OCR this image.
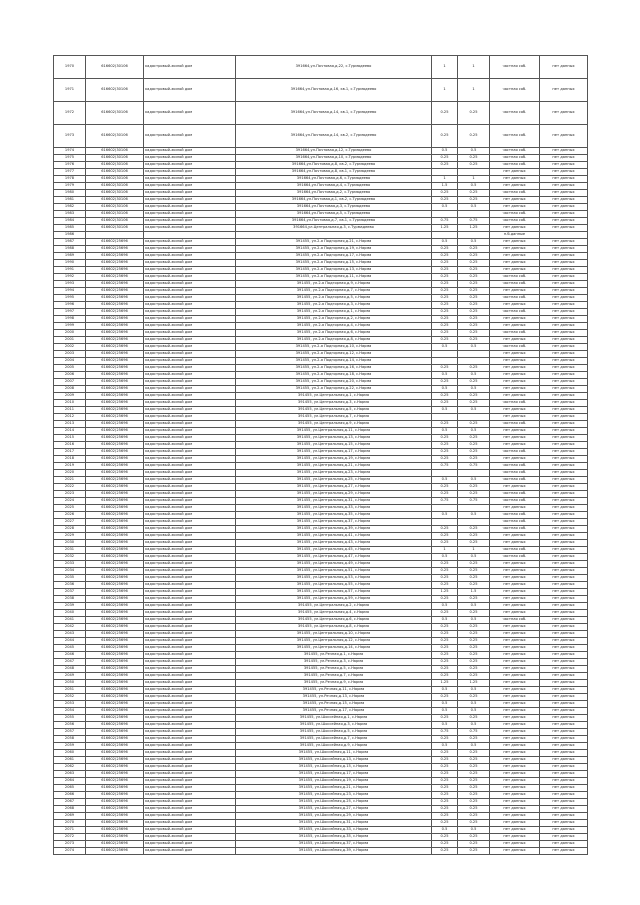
1970	616602(30106	кадастровый-жилой дом	391664,ул.Почтовая,д.22, с.Турмадеево	1	1	частная соб.	нет данных
1971	616602(30106	кадастровый-жилой дом	391664,ул.Почтовая,д.16, кв.1, с.Турмадеево	1	1	частная соб.	нет данных
1972	616602(30106	кадастровый-жилой дом	391664,ул.Почтовая,д.14, кв.1, с.Турмадеево	0.25	0.25	частная соб.	нет данных
1973	616602(30106	кадастровый-жилой дом	391664,ул.Почтовая,д.14, кв.2, с.Турмадеево	0.25	0.25	частная соб.	нет данных
1974	616602(30106	кадастровый-жилой дом	391664,ул.Почтовая,д.12, с.Турмадеево	0.5	0.5	частная соб.	нет данных
1975	616602(30106	кадастровый-жилой дом	391664,ул.Почтовая,д.10, с.Турмадеево	0.25	0.25	частная соб.	нет данных
1976	616602(30106	кадастровый-жилой дом	391664,ул.Почтовая,д.8, кв.2, с.Турмадеево	0.25	0.25	частная соб.	нет данных
1977	616602(30106	кадастровый-жилой дом	391664,ул.Почтовая,д.8, кв.1, с.Турмадеево			нет данных	нет данных
1978	616602(30106	кадастровый-жилой дом	391664,ул.Почтовая,д.6, с.Турмадеево	1	1	нет данных	нет данных
1979	616602(30106	кадастровый-жилой дом	391664,ул.Почтовая,д.4, с.Турмадеево	1.5	0.5	нет данных	нет данных
1980	616602(30106	кадастровый-жилой дом	391664,ул.Почтовая,д.2, с.Турмадеево	0.25	0.25	частная соб.	нет данных
1981	616602(30106	кадастровый-жилой дом	391664,ул.Почтовая,д.1, кв.2, с.Турмадеево	0.25	0.25	нет данных	нет данных
1982	616602(30106	кадастровый-жилой дом	391664,ул.Почтовая,д.3, с.Турмадеево	0.5	0.5	нет данных	нет данных
1983	616602(30106	кадастровый-жилой дом	391664,ул.Почтовая,д.5, с.Турмадеево			частная соб.	нет данных
1984	616602(30106	кадастровый-жилой дом	391664,ул.Почтовая,д.7, кв.1, с.Турмадеево	0.75	0.75	частная соб.	нет данных
1985	616602(30106	кадастровый-жилой дом	391664,ул.Центральная,д.3, с.Турмадеево	1.25	1.25	нет данных	нет данных
1986						н.б.данные	
1987	616602(25696	кадастровый-жилой дом	391455, ул.2-я Подгорная,д.21, с.Нарма	0.5	0.5	нет данных	нет данных
1988	616602(25696	кадастровый-жилой дом	391455, ул.2-я Подгорная,д.19, с.Нарма	0.25	0.25	нет данных	нет данных
1989	616602(25696	кадастровый-жилой дом	391455, ул.2-я Подгорная,д.17, с.Нарма	0.25	0.25	нет данных	нет данных
1990	616602(25696	кадастровый-жилой дом	391455, ул.2-я Подгорная,д.15, с.Нарма	0.25	0.25	нет данных	нет данных
1991	616602(25696	кадастровый-жилой дом	391455, ул.2-я Подгорная,д.13, с.Нарма	0.25	0.25	нет данных	нет данных
1992	616602(25696	кадастровый-жилой дом	391455, ул.2-я Подгорная,д.11, с.Нарма	0.25	0.25	частная соб.	нет данных
1993	616602(25696	кадастровый-жилой дом	391455, ул.2-я Подгорная,д.9, с.Нарма	0.25	0.25	частная соб.	нет данных
1994	616602(25696	кадастровый-жилой дом	391455, ул.2-я Подгорная,д.7, с.Нарма	0.25	0.25	нет данных	нет данных
1995	616602(25696	кадастровый-жилой дом	391455, ул.2-я Подгорная,д.5, с.Нарма	0.25	0.25	частная соб.	нет данных
1996	616602(25696	кадастровый-жилой дом	391455, ул.2-я Подгорная,д.3, с.Нарма	0.25	0.25	нет данных	нет данных
1997	616602(25696	кадастровый-жилой дом	391455, ул.2-я Подгорная,д.1, с.Нарма	0.25	0.25	частная соб.	нет данных
1998	616602(25696	кадастровый-жилой дом	391455, ул.2-я Подгорная,д.2, с.Нарма	0.25	0.25	нет данных	нет данных
1999	616602(25696	кадастровый-жилой дом	391455, ул.2-я Подгорная,д.4, с.Нарма	0.25	0.25	нет данных	нет данных
2000	616602(25696	кадастровый-жилой дом	391455, ул.2-я Подгорная,д.6, с.Нарма	0.25	0.25	частная соб.	нет данных
2001	616602(25696	кадастровый-жилой дом	391455, ул.2-я Подгорная,д.8, с.Нарма	0.25	0.25	нет данных	нет данных
2002	616602(25696	кадастровый-жилой дом	391455, ул.2-я Подгорная,д.10, с.Нарма	0.5	0.5	частная соб.	нет данных
2003	616602(25696	кадастровый-жилой дом	391455, ул.2-я Подгорная,д.12, с.Нарма			нет данных	нет данных
2004	616602(25696	кадастровый-жилой дом	391455, ул.2-я Подгорная,д.14, с.Нарма			нет данных	нет данных
2005	616602(25696	кадастровый-жилой дом	391455, ул.2-я Подгорная,д.16, с.Нарма	0.25	0.25	нет данных	нет данных
2006	616602(25696	кадастровый-жилой дом	391455, ул.2-я Подгорная,д.18, с.Нарма	0.5	0.5	нет данных	нет данных
2007	616602(25696	кадастровый-жилой дом	391455, ул.2-я Подгорная,д.20, с.Нарма	0.25	0.25	нет данных	нет данных
2008	616602(25696	кадастровый-жилой дом	391455, ул.2-я Подгорная,д.22, с.Нарма	0.5	0.5	нет данных	нет данных
2009	616602(25696	кадастровый-жилой дом	391455, ул.Центральная,д.1, с.Нарма	0.25	0.25	нет данных	нет данных
2010	616602(25696	кадастровый-жилой дом	391455, ул.Центральная,д.3, с.Нарма	0.25	0.25	частная соб.	нет данных
2011	616602(25696	кадастровый-жилой дом	391455, ул.Центральная,д.5, с.Нарма	0.5	0.5	нет данных	нет данных
2012	616602(25696	кадастровый-жилой дом	391455, ул.Центральная,д.7, с.Нарма			нет данных	нет данных
2013	616602(25696	кадастровый-жилой дом	391455, ул.Центральная,д.9, с.Нарма	0.25	0.25	частная соб.	нет данных
2014	616602(25696	кадастровый-жилой дом	391455, ул.Центральная,д.11, с.Нарма	0.5	0.5	нет данных	нет данных
2015	616602(25696	кадастровый-жилой дом	391455, ул.Центральная,д.13, с.Нарма	0.25	0.25	нет данных	нет данных
2016	616602(25696	кадастровый-жилой дом	391455, ул.Центральная,д.15, с.Нарма	0.25	0.25	нет данных	нет данных
2017	616602(25696	кадастровый-жилой дом	391455, ул.Центральная,д.17, с.Нарма	0.25	0.25	частная соб.	нет данных
2018	616602(25696	кадастровый-жилой дом	391455, ул.Центральная,д.19, с.Нарма	0.25	0.25	нет данных	нет данных
2019	616602(25696	кадастровый-жилой дом	391455, ул.Центральная,д.21, с.Нарма	0.75	0.75	частная соб.	нет данных
2020	616602(25696	кадастровый-жилой дом	391455, ул.Центральная,д.23, с.Нарма			частная соб.	нет данных
2021	616602(25696	кадастровый-жилой дом	391455, ул.Центральная,д.25, с.Нарма	0.5	0.5	частная соб.	нет данных
2022	616602(25696	кадастровый-жилой дом	391455, ул.Центральная,д.27, с.Нарма	0.25	0.25	нет данных	нет данных
2023	616602(25696	кадастровый-жилой дом	391455, ул.Центральная,д.29, с.Нарма	0.25	0.25	частная соб.	нет данных
2024	616602(25696	кадастровый-жилой дом	391455, ул.Центральная,д.31, с.Нарма	0.75	0.75	частная соб.	нет данных
2025	616602(25696	кадастровый-жилой дом	391455, ул.Центральная,д.33, с.Нарма			нет данных	нет данных
2026	616602(25696	кадастровый-жилой дом	391455, ул.Центральная,д.35, с.Нарма	0.5	0.5	частная соб.	нет данных
2027	616602(25696	кадастровый-жилой дом	391455, ул.Центральная,д.37, с.Нарма			частная соб.	нет данных
2028	616602(25696	кадастровый-жилой дом	391455, ул.Центральная,д.39, с.Нарма	0.25	0.25	частная соб.	нет данных
2029	616602(25696	кадастровый-жилой дом	391455, ул.Центральная,д.41, с.Нарма	0.25	0.25	нет данных	нет данных
2030	616602(25696	кадастровый-жилой дом	391455, ул.Центральная,д.43, с.Нарма	0.25	0.25	нет данных	нет данных
2031	616602(25696	кадастровый-жилой дом	391455, ул.Центральная,д.45, с.Нарма	1	1	частная соб.	нет данных
2032	616602(25696	кадастровый-жилой дом	391455, ул.Центральная,д.47, с.Нарма	0.5	0.5	частная соб.	нет данных
2033	616602(25696	кадастровый-жилой дом	391455, ул.Центральная,д.49, с.Нарма	0.25	0.25	нет данных	нет данных
2034	616602(25696	кадастровый-жилой дом	391455, ул.Центральная,д.51, с.Нарма	0.25	0.25	нет данных	нет данных
2035	616602(25696	кадастровый-жилой дом	391455, ул.Центральная,д.53, с.Нарма	0.25	0.25	нет данных	нет данных
2036	616602(25696	кадастровый-жилой дом	391455, ул.Центральная,д.55, с.Нарма	0.25	0.25	нет данных	нет данных
2037	616602(25696	кадастровый-жилой дом	391455, ул.Центральная,д.57, с.Нарма	1.25	1.5	нет данных	нет данных
2038	616602(25696	кадастровый-жилой дом	391455, ул.Центральная,д.59, с.Нарма	0.25	0.25	нет данных	нет данных
2039	616602(25696	кадастровый-жилой дом	391455, ул.Центральная,д.2, с.Нарма	0.5	0.5	нет данных	нет данных
2040	616602(25696	кадастровый-жилой дом	391455, ул.Центральная,д.4, с.Нарма	0.25	0.25	нет данных	нет данных
2041	616602(25696	кадастровый-жилой дом	391455, ул.Центральная,д.6, с.Нарма	0.5	0.5	частная соб.	нет данных
2042	616602(25696	кадастровый-жилой дом	391455, ул.Центральная,д.8, с.Нарма	0.25	0.25	нет данных	нет данных
2043	616602(25696	кадастровый-жилой дом	391455, ул.Центральная,д.10, с.Нарма	0.25	0.25	нет данных	нет данных
2044	616602(25696	кадастровый-жилой дом	391455, ул.Центральная,д.12, с.Нарма	0.25	0.25	нет данных	нет данных
2045	616602(25696	кадастровый-жилой дом	391455, ул.Центральная,д.14, с.Нарма	0.25	0.25	нет данных	нет данных
2046	616602(25696	кадастровый-жилой дом	391455, ул.Речная,д.1, с.Нарма	0.25	0.25	нет данных	нет данных
2047	616602(25696	кадастровый-жилой дом	391455, ул.Речная,д.3, с.Нарма	0.25	0.25	нет данных	нет данных
2048	616602(25696	кадастровый-жилой дом	391455, ул.Речная,д.5, с.Нарма	0.25	0.25	нет данных	нет данных
2049	616602(25696	кадастровый-жилой дом	391455, ул.Речная,д.7, с.Нарма	0.25	0.25	нет данных	нет данных
2050	616602(25696	кадастровый-жилой дом	391455, ул.Речная,д.9, с.Нарма	1.25	1.25	нет данных	нет данных
2051	616602(25696	кадастровый-жилой дом	391455, ул.Речная,д.11, с.Нарма	0.5	0.5	нет данных	нет данных
2052	616602(25696	кадастровый-жилой дом	391455, ул.Речная,д.13, с.Нарма	0.25	0.25	нет данных	нет данных
2053	616602(25696	кадастровый-жилой дом	391455, ул.Речная,д.15, с.Нарма	0.5	0.5	нет данных	нет данных
2054	616602(25696	кадастровый-жилой дом	391455, ул.Речная,д.17, с.Нарма	0.5	0.5	нет данных	нет данных
2055	616602(25696	кадастровый-жилой дом	391455, ул.Шоссейная,д.1, с.Нарма	0.25	0.25	нет данных	нет данных
2056	616602(25696	кадастровый-жилой дом	391455, ул.Шоссейная,д.3, с.Нарма	0.5	0.5	нет данных	нет данных
2057	616602(25696	кадастровый-жилой дом	391455, ул.Шоссейная,д.5, с.Нарма	0.75	0.75	нет данных	нет данных
2058	616602(25696	кадастровый-жилой дом	391455, ул.Шоссейная,д.7, с.Нарма	0.25	0.25	нет данных	нет данных
2059	616602(25696	кадастровый-жилой дом	391455, ул.Шоссейная,д.9, с.Нарма	0.5	0.5	нет данных	нет данных
2060	616602(25696	кадастровый-жилой дом	391455, ул.Шоссейная,д.11, с.Нарма	0.25	0.25	нет данных	нет данных
2061	616602(25696	кадастровый-жилой дом	391455, ул.Шоссейная,д.13, с.Нарма	0.25	0.25	нет данных	нет данных
2062	616602(25696	кадастровый-жилой дом	391455, ул.Шоссейная,д.15, с.Нарма	0.25	0.25	нет данных	нет данных
2063	616602(25696	кадастровый-жилой дом	391455, ул.Шоссейная,д.17, с.Нарма	0.25	0.25	нет данных	нет данных
2064	616602(25696	кадастровый-жилой дом	391455, ул.Шоссейная,д.19, с.Нарма	0.25	0.25	нет данных	нет данных
2065	616602(25696	кадастровый-жилой дом	391455, ул.Шоссейная,д.21, с.Нарма	0.25	0.25	нет данных	нет данных
2066	616602(25696	кадастровый-жилой дом	391455, ул.Шоссейная,д.23, с.Нарма	0.25	0.25	нет данных	нет данных
2067	616602(25696	кадастровый-жилой дом	391455, ул.Шоссейная,д.25, с.Нарма	0.25	0.25	нет данных	нет данных
2068	616602(25696	кадастровый-жилой дом	391455, ул.Шоссейная,д.27, с.Нарма	0.25	0.25	нет данных	нет данных
2069	616602(25696	кадастровый-жилой дом	391455, ул.Шоссейная,д.29, с.Нарма	0.25	0.25	нет данных	нет данных
2070	616602(25696	кадастровый-жилой дом	391455, ул.Шоссейная,д.31, с.Нарма	0.25	0.25	нет данных	нет данных
2071	616602(25696	кадастровый-жилой дом	391455, ул.Шоссейная,д.33, с.Нарма	0.5	0.5	нет данных	нет данных
2072	616602(25696	кадастровый-жилой дом	391455, ул.Шоссейная,д.35, с.Нарма	0.25	0.25	нет данных	нет данных
2073	616602(25696	кадастровый-жилой дом	391455, ул.Шоссейная,д.37, с.Нарма	0.25	0.25	нет данных	нет данных
2074	616602(25696	кадастровый-жилой дом	391455, ул.Шоссейная,д.39, с.Нарма	0.25	0.25	нет данных	нет данных
